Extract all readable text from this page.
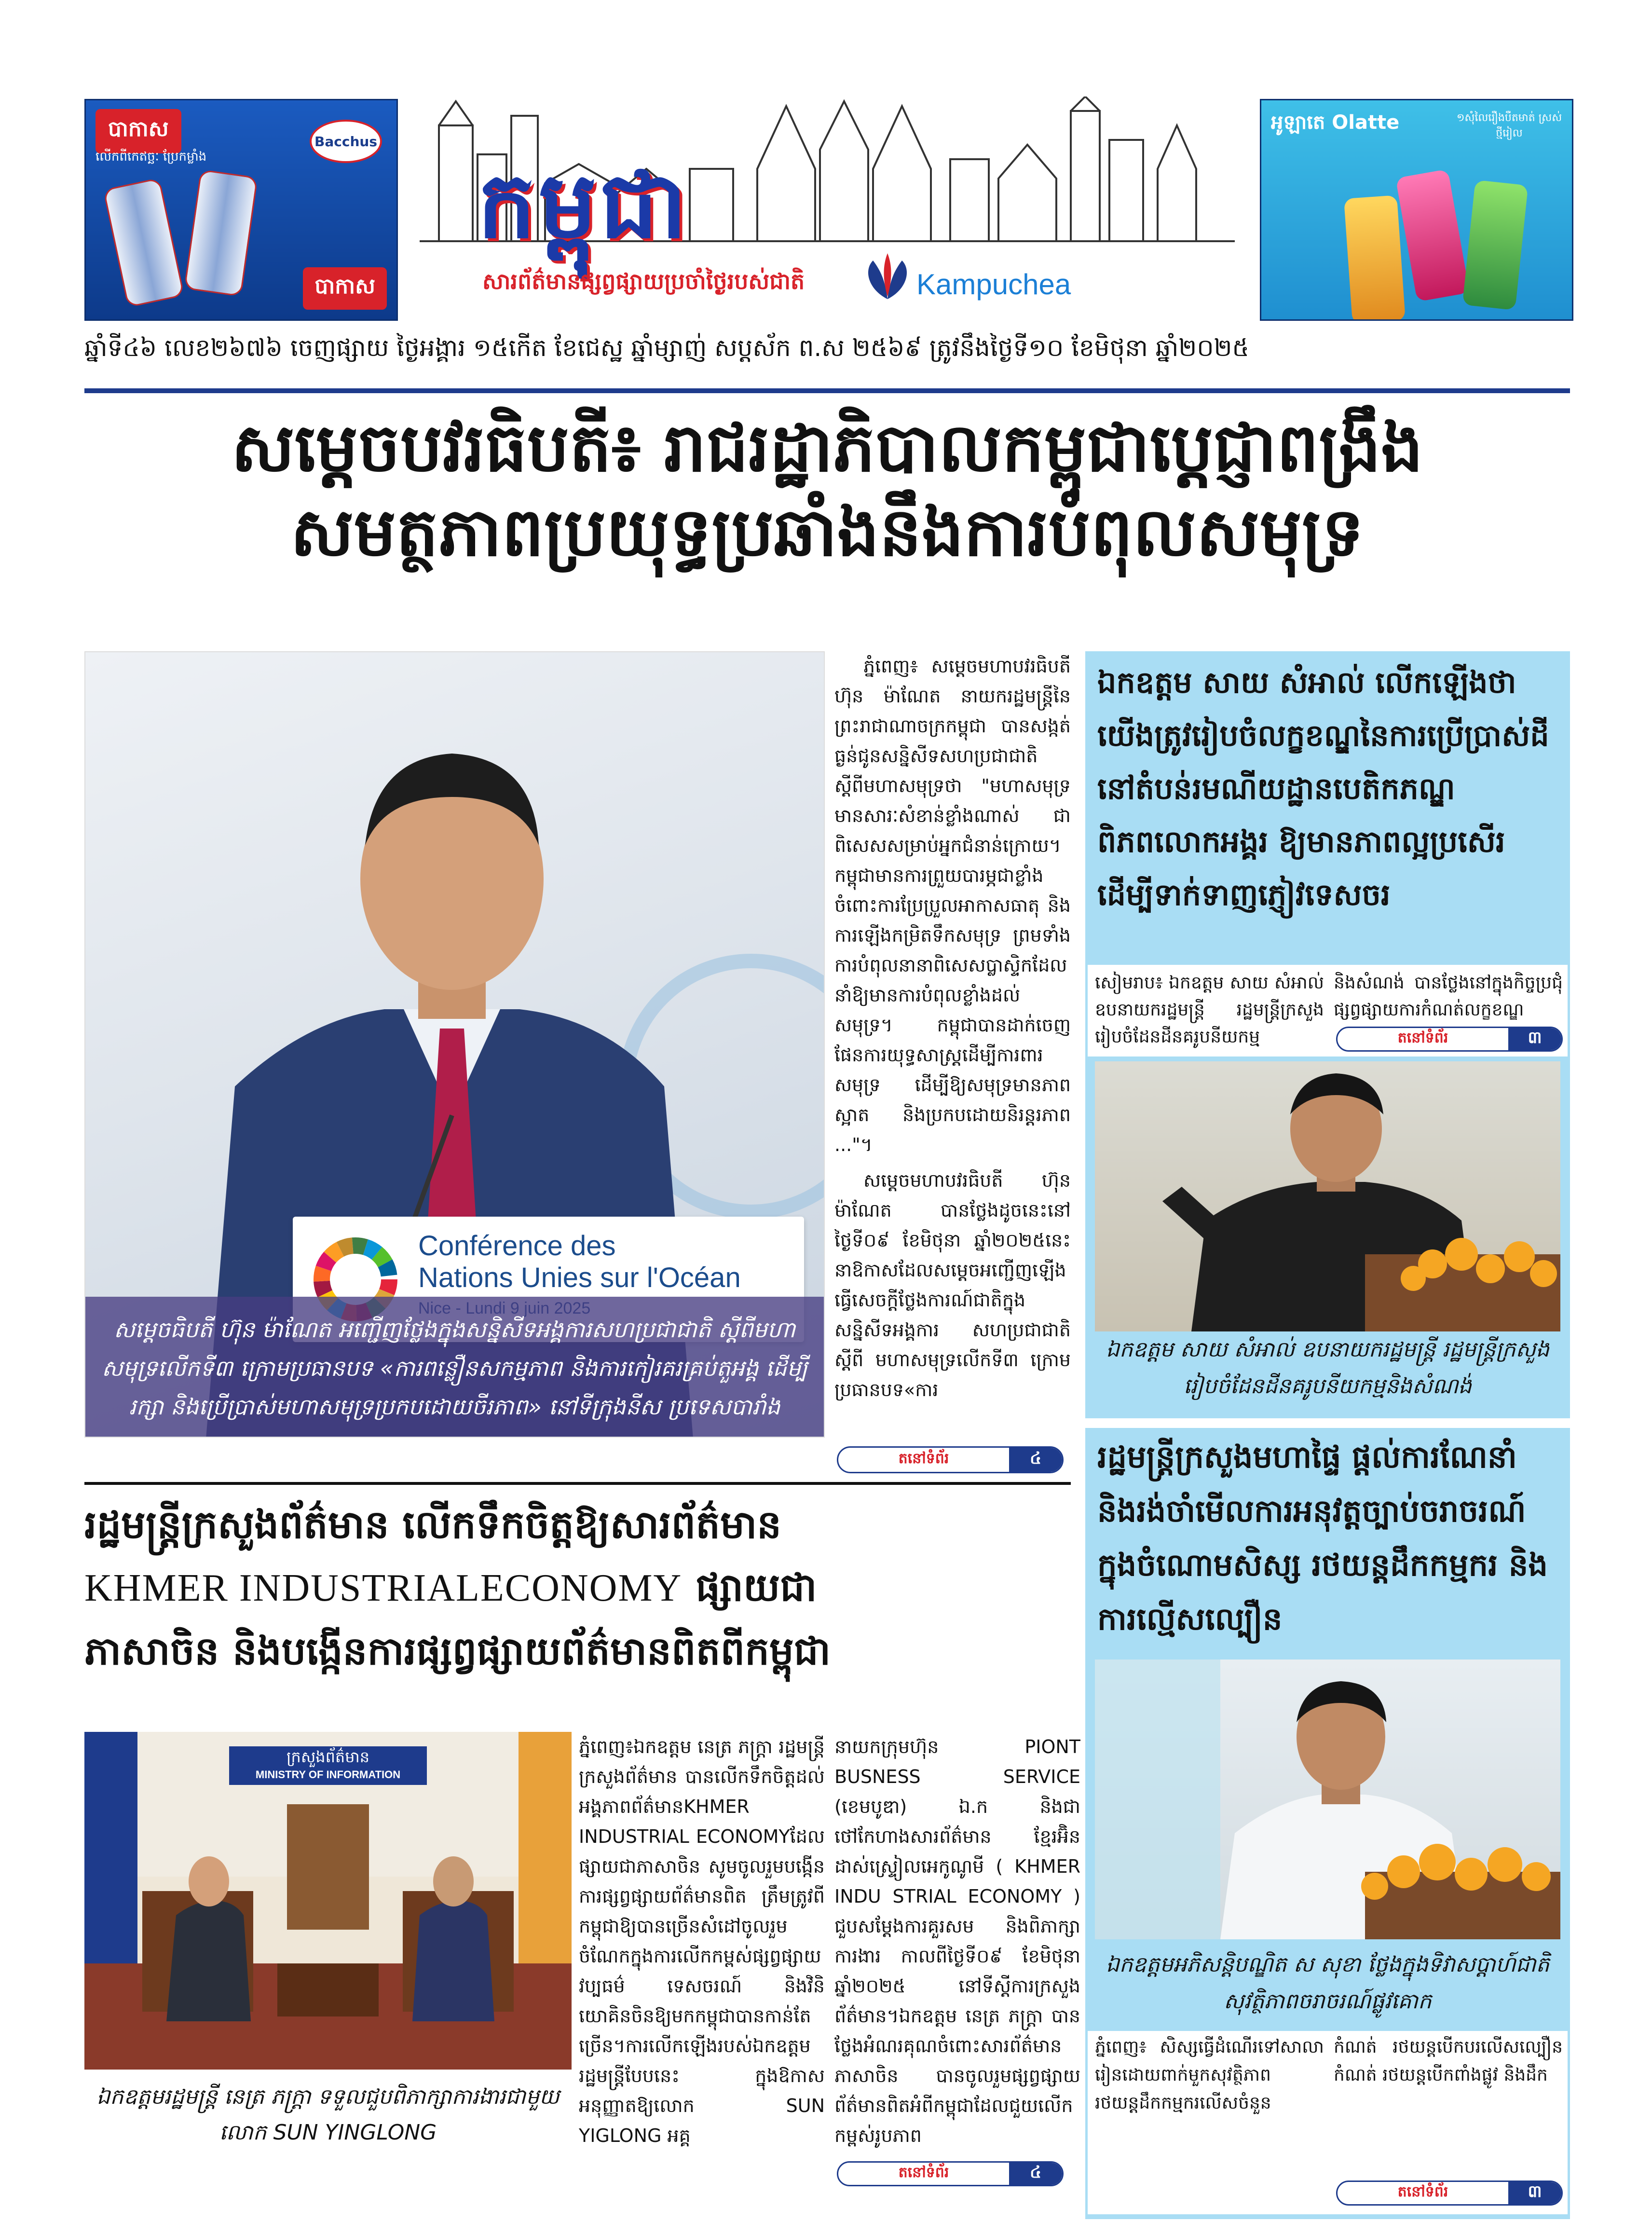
បាកាស
លើកពីកេឥច្ឆៈ ប្រែកម្លាំង
Bacchus
បាកាស
កម្ពុជា
សារព័ត៌មានផ្សព្វផ្សាយប្រចាំថ្ងៃរបស់ជាតិ	Kampuchea
អូឡាតេ Olatte	១សុំលៃរឿងបឺតមាត់ ស្រស់ថ្មីរៀល
ឆ្នាំទី៤៦ លេខ២៦៧៦ ចេញផ្សាយ ថ្ងៃអង្គារ ១៥កើត ខែជេស្ឋ ឆ្នាំម្សាញ់ សប្តស័ក ព.ស ២៥៦៩ ត្រូវនឹងថ្ងៃទី១០ ខែមិថុនា ឆ្នាំ២០២៥
សម្តេចបវរធិបតី៖ រាជរដ្ឋាភិបាលកម្ពុជាប្តេជ្ញាពង្រឹង
សមត្ថភាពប្រយុទ្ធប្រឆាំងនឹងការបំពុលសមុទ្រ
Conférence des
Nations Unies sur l'Océan
សម្តេចធិបតី ហ៊ុន ម៉ាណែត អញ្ជើញថ្លែងក្នុងសន្និសីទអង្គការសហប្រជាជាតិ ស្តីពីមហាសមុទ្រលើកទី៣ ក្រោមប្រធានបទ «ការពន្លឿនសកម្មភាព និងការកៀរគរគ្រប់តួអង្គ ដើម្បីរក្សា និងប្រើប្រាស់មហាសមុទ្រប្រកបដោយចីរភាព» នៅទីក្រុងនីស ប្រទេសបារាំង

ភ្នំពេញ៖ សម្តេចមហាបវរធិបតី ហ៊ុន ម៉ាណែត នាយករដ្ឋមន្ត្រីនៃព្រះរាជាណាចក្រកម្ពុជា បានសង្កត់ធ្ងន់ជូនសន្និសីទសហប្រជាជាតិស្តីពីមហាសមុទ្រថា "មហាសមុទ្រមានសារៈសំខាន់ខ្លាំងណាស់ ជាពិសេសសម្រាប់អ្នកជំនាន់ក្រោយ។ កម្ពុជាមានការព្រួយបារម្ភជាខ្លាំងចំពោះការប្រែប្រួលអាកាសធាតុ និងការឡើងកម្រិតទឹកសមុទ្រ ព្រមទាំងការបំពុលនានាពិសេសប្លាស្ទិកដែលនាំឱ្យមានការបំពុលខ្លាំងដល់សមុទ្រ។ កម្ពុជាបានដាក់ចេញផែនការយុទ្ធសាស្ត្រដើម្បីការពារសមុទ្រ ដើម្បីឱ្យសមុទ្រមានភាពស្អាត និងប្រកបដោយនិរន្តរភាព ..."។

សម្តេចមហាបវរធិបតី ហ៊ុន ម៉ាណែត បានថ្លែងដូចនេះនៅថ្ងៃទី០៩ ខែមិថុនា ឆ្នាំ២០២៥នេះ នាឱកាសដែលសម្តេចអញ្ជើញឡើងធ្វើសេចក្តីថ្លែងការណ៍ជាតិក្នុងសន្និសីទអង្គការ សហប្រជាជាតិស្តីពី មហាសមុទ្រលើកទី៣ ក្រោមប្រធានបទ«ការ

តនៅទំព័រ	៤
ឯកឧត្តម សាយ សំអាល់ លើកឡើងថា យើងត្រូវរៀបចំលក្ខខណ្ឌនៃការប្រើប្រាស់ដីនៅតំបន់រមណីយដ្ឋានបេតិកភណ្ឌពិភពលោកអង្គរ ឱ្យមានភាពល្អប្រសើរ ដើម្បីទាក់ទាញភ្ញៀវទេសចរ
សៀមរាប៖ ឯកឧត្តម សាយ សំអាល់ ឧបនាយករដ្ឋមន្ត្រី រដ្ឋមន្ត្រីក្រសួងរៀបចំដែនដីនគរូបនីយកម្ម
និងសំណង់ បានថ្លែងនៅក្នុងកិច្ចប្រជុំផ្សព្វផ្សាយការកំណត់លក្ខខណ្ឌ
តនៅទំព័រ	៣
ឯកឧត្តម សាយ សំអាល់ ឧបនាយករដ្ឋមន្ត្រី រដ្ឋមន្ត្រីក្រសួងរៀបចំដែនដីនគរូបនីយកម្មនិងសំណង់
រដ្ឋមន្ត្រីក្រសួងមហាផ្ទៃ ផ្តល់ការណែនាំ និងរង់ចាំមើលការអនុវត្តច្បាប់ចរាចរណ៍ក្នុងចំណោមសិស្ស រថយន្តដឹកកម្មករ និងការល្មើសល្បឿន
ឯកឧត្តមអភិសន្តិបណ្ឌិត ស សុខា ថ្លែងក្នុងទិវាសប្តាហ៍ជាតិសុវត្ថិភាពចរាចរណ៍ផ្លូវគោក
ភ្នំពេញ៖ សិស្សធ្វើដំណើរទៅសាលារៀនដោយពាក់មួកសុវត្ថិភាព រថយន្តដឹកកម្មករលើសចំនួន
កំណត់ រថយន្តបើកបរលើសល្បឿនកំណត់ រថយន្តបើកពាំងផ្លូវ និងដឹក
តនៅទំព័រ	៣
រដ្ឋមន្ត្រីក្រសួងព័ត៌មាន លើកទឹកចិត្តឱ្យសារព័ត៌មាន
KHMER INDUSTRIALECONOMY ផ្សាយជា
ភាសាចិន និងបង្កើនការផ្សព្វផ្សាយព័ត៌មានពិតពីកម្ពុជា
ក្រសួងព័ត៌មាន
MINISTRY OF INFORMATION
ឯកឧត្តមរដ្ឋមន្ត្រី នេត្រ ភក្ត្រា ទទួលជួបពិភាក្សាការងារជាមួយលោក SUN YINGLONG
ភ្នំពេញ៖ឯកឧត្តម នេត្រ ភក្ត្រា រដ្ឋមន្ត្រីក្រសួងព័ត៌មាន បានលើកទឹកចិត្តដល់អង្គភាពព័ត៌មានKHMER INDUSTRIAL ECONOMYដែលផ្សាយជាភាសាចិន សូមចូលរួមបង្កើនការផ្សព្វផ្សាយព័ត៌មានពិត ត្រឹមត្រូវពីកម្ពុជាឱ្យបានច្រើនសំដៅចូលរួមចំណែកក្នុងការលើកកម្ពស់ផ្សព្វផ្សាយវប្បធម៌ ទេសចរណ៍ និងវិនិយោគិនចិនឱ្យមកកម្ពុជាបានកាន់តែច្រើន។ការលើកឡើងរបស់ឯកឧត្តម រដ្ឋមន្ត្រីបែបនេះ ក្នុងឱកាសអនុញ្ញាតឱ្យលោក SUN YIGLONG អគ្គ
នាយកក្រុមហ៊ុន PIONT BUSNESS SERVICE (ខេមបូឌា) ឯ.ក និងជាថៅកែហាងសារព័ត៌មាន ខ្មែរអ៊ិនដាស់ស្ទ្រៀលអេកូណូមី ( KHMER INDU STRIAL ECONOMY ) ជួបសម្តែងការគួរសម និងពិភាក្សាការងារ កាលពីថ្ងៃទី០៩ ខែមិថុនា ឆ្នាំ២០២៥ នៅទីស្តីការក្រសួងព័ត៌មាន។ឯកឧត្តម នេត្រ ភក្ត្រា បានថ្លែងអំណរគុណចំពោះសារព័ត៌មានភាសាចិន បានចូលរួមផ្សព្វផ្សាយព័ត៌មានពិតអំពីកម្ពុជាដែលជួយលើកកម្ពស់រូបភាព
តនៅទំព័រ	៤
